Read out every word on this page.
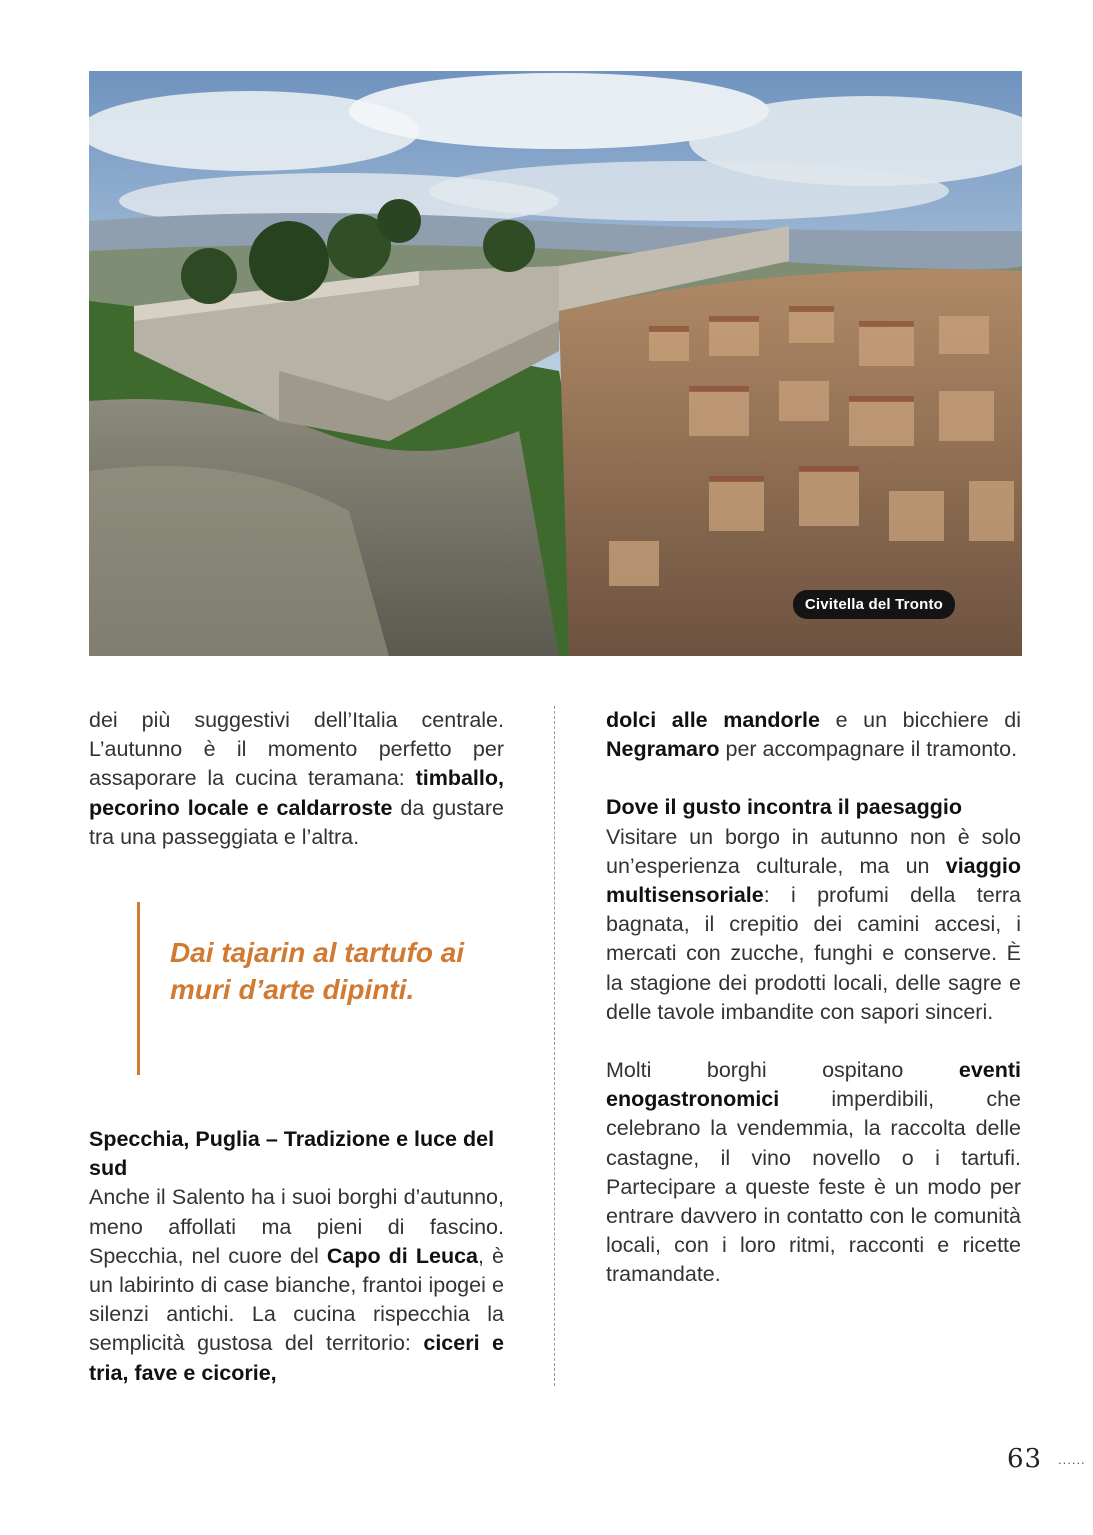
Civitella del Tronto

dei più suggestivi dell’Italia centrale. L’autunno è il momento perfetto per assaporare la cucina teramana: timballo, pecorino locale e caldarroste da gustare tra una passeggiata e l’altra.

Dai tajarin al tartufo ai muri d’arte dipinti.
Specchia, Puglia – Tradizione e luce del sud

Anche il Salento ha i suoi borghi d’autunno, meno affollati ma pieni di fascino. Specchia, nel cuore del Capo di Leuca, è un labirinto di case bianche, frantoi ipogei e silenzi antichi. La cucina rispecchia la semplicità gustosa del territorio: ciceri e tria, fave e cicorie,

dolci alle mandorle e un bicchiere di Negramaro per accompagnare il tramonto.

Dove il gusto incontra il paesaggio

Visitare un borgo in autunno non è solo un’esperienza culturale, ma un viaggio multisensoriale: i profumi della terra bagnata, il crepitio dei camini accesi, i mercati con zucche, funghi e conserve. È la stagione dei prodotti locali, delle sagre e delle tavole imbandite con sapori sinceri.

Molti borghi ospitano eventi enogastronomici imperdibili, che celebrano la vendemmia, la raccolta delle castagne, il vino novello o i tartufi. Partecipare a queste feste è un modo per entrare davvero in contatto con le comunità locali, con i loro ritmi, racconti e ricette tramandate.

63 ......
